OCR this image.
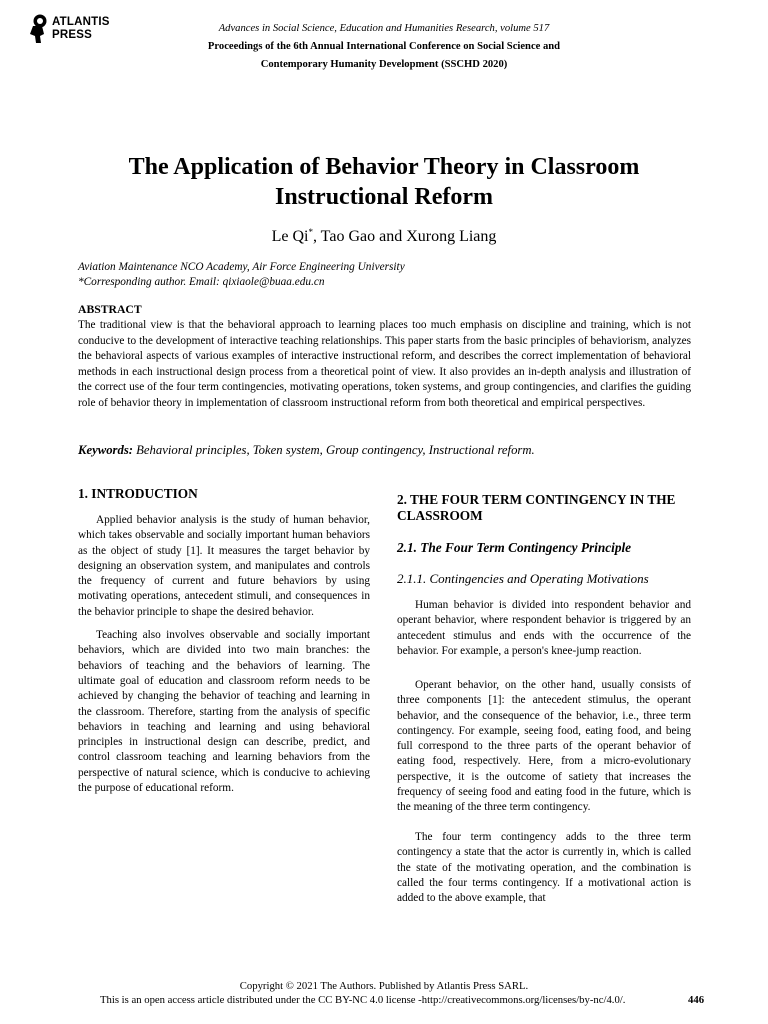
ATLANTIS
PRESS
Advances in Social Science, Education and Humanities Research, volume 517
Proceedings of the 6th Annual International Conference on Social Science and
Contemporary Humanity Development (SSCHD 2020)
The Application of Behavior Theory in Classroom
Instructional Reform
Le Qi*, Tao Gao and Xurong Liang
Aviation Maintenance NCO Academy, Air Force Engineering University
*Corresponding author. Email: qixiaole@buaa.edu.cn
ABSTRACT
The traditional view is that the behavioral approach to learning places too much emphasis on discipline and training, which is not conducive to the development of interactive teaching relationships. This paper starts from the basic principles of behaviorism, analyzes the behavioral aspects of various examples of interactive instructional reform, and describes the correct implementation of behavioral methods in each instructional design process from a theoretical point of view. It also provides an in-depth analysis and illustration of the correct use of the four term contingencies, motivating operations, token systems, and group contingencies, and clarifies the guiding role of behavior theory in implementation of classroom instructional reform from both theoretical and empirical perspectives.
Keywords: Behavioral principles, Token system, Group contingency, Instructional reform.
1. INTRODUCTION

Applied behavior analysis is the study of human behavior, which takes observable and socially important human behaviors as the object of study [1]. It measures the target behavior by designing an observation system, and manipulates and controls the frequency of current and future behaviors by using motivating operations, antecedent stimuli, and consequences in the behavior principle to shape the desired behavior.

Teaching also involves observable and socially important behaviors, which are divided into two main branches: the behaviors of teaching and the behaviors of learning. The ultimate goal of education and classroom reform needs to be achieved by changing the behavior of teaching and learning in the classroom. Therefore, starting from the analysis of specific behaviors in teaching and learning and using behavioral principles in instructional design can describe, predict, and control classroom teaching and learning behaviors from the perspective of natural science, which is conducive to achieving the purpose of educational reform.

2. THE FOUR TERM CONTINGENCY IN THE CLASSROOM
2.1. The Four Term Contingency Principle
2.1.1. Contingencies and Operating Motivations

Human behavior is divided into respondent behavior and operant behavior, where respondent behavior is triggered by an antecedent stimulus and ends with the occurrence of the behavior. For example, a person's knee-jump reaction.

Operant behavior, on the other hand, usually consists of three components [1]: the antecedent stimulus, the operant behavior, and the consequence of the behavior, i.e., three term contingency. For example, seeing food, eating food, and being full correspond to the three parts of the operant behavior of eating food, respectively. Here, from a micro-evolutionary perspective, it is the outcome of satiety that increases the frequency of seeing food and eating food in the future, which is the meaning of the three term contingency.

The four term contingency adds to the three term contingency a state that the actor is currently in, which is called the state of the motivating operation, and the combination is called the four terms contingency. If a motivational action is added to the above example, that

Copyright © 2021 The Authors. Published by Atlantis Press SARL.
This is an open access article distributed under the CC BY-NC 4.0 license -http://creativecommons.org/licenses/by-nc/4.0/.	446
